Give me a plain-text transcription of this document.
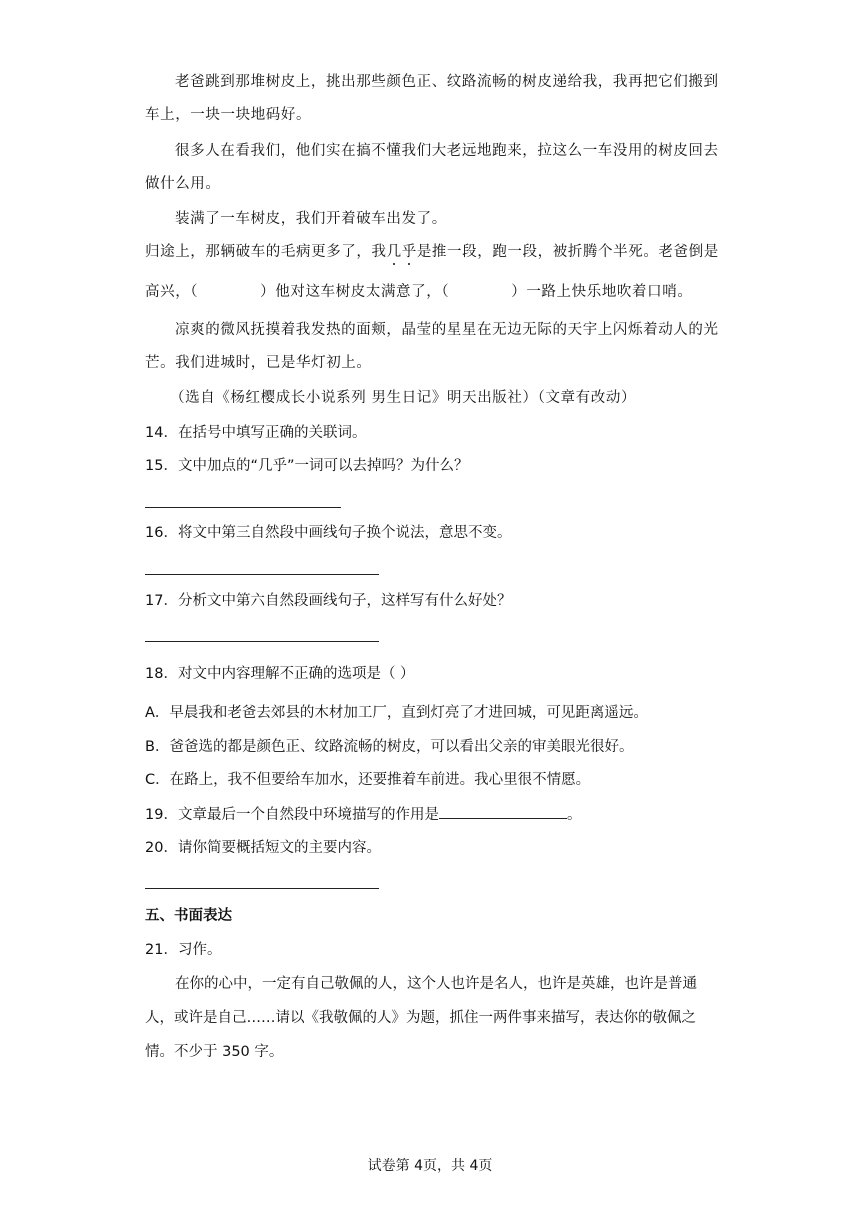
老爸跳到那堆树皮上，挑出那些颜色正、纹路流畅的树皮递给我，我再把它们搬到
车上，一块一块地码好。
很多人在看我们，他们实在搞不懂我们大老远地跑来，拉这么一车没用的树皮回去
做什么用。
装满了一车树皮，我们开着破车出发了。
归途上，那辆破车的毛病更多了，我几乎是推一段，跑一段，被折腾个半死。老爸倒是
高兴，（	）他对这车树皮太满意了，（	）一路上快乐地吹着口哨。
凉爽的微风抚摸着我发热的面颊，晶莹的星星在无边无际的天宇上闪烁着动人的光
芒。我们进城时，已是华灯初上。
（选自《杨红樱成长小说系列 男生日记》明天出版社）（文章有改动）
14．在括号中填写正确的关联词。
15．文中加点的“几乎”一词可以去掉吗？为什么？
16．将文中第三自然段中画线句子换个说法，意思不变。
17．分析文中第六自然段画线句子，这样写有什么好处？
18．对文中内容理解不正确的选项是（ ）
A．早晨我和老爸去郊县的木材加工厂，直到灯亮了才进回城，可见距离遥远。
B．爸爸选的都是颜色正、纹路流畅的树皮，可以看出父亲的审美眼光很好。
C．在路上，我不但要给车加水，还要推着车前进。我心里很不情愿。
19．文章最后一个自然段中环境描写的作用是	。
20．请你简要概括短文的主要内容。
五、书面表达
21．习作。
在你的心中，一定有自己敬佩的人，这个人也许是名人，也许是英雄，也许是普通
人，或许是自己……请以《我敬佩的人》为题，抓住一两件事来描写，表达你的敬佩之
情。不少于 350 字。
试卷第 4页，共 4页
